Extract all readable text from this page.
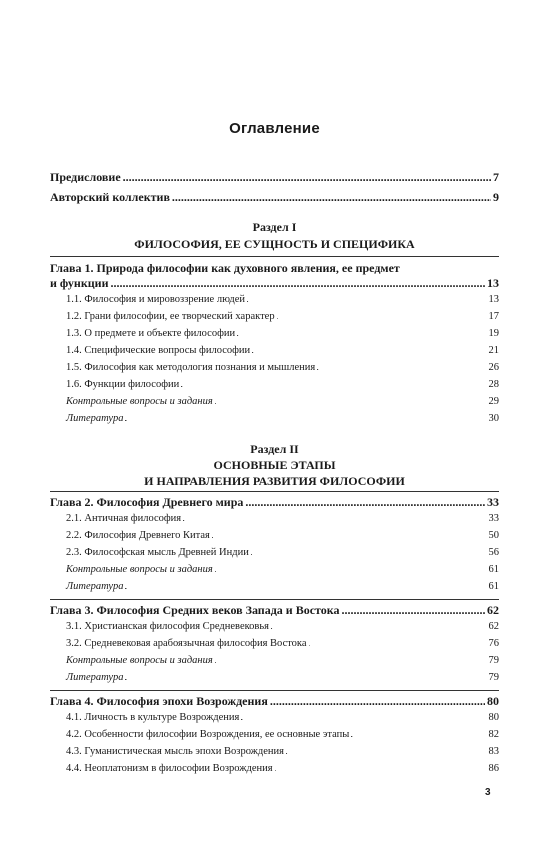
Оглавление
Предисловие . . .	7
Авторский коллектив . . .	9
Раздел I
ФИЛОСОФИЯ, ЕЕ СУЩНОСТЬ И СПЕЦИФИКА
Глава 1. Природа философии как духовного явления, ее предмет
и функции . . .	13
1.1. Философия и мировоззрение людей . . .	13
1.2. Грани философии, ее творческий характер . . .	17
1.3. О предмете и объекте философии . . .	19
1.4. Специфические вопросы философии . . .	21
1.5. Философия как методология познания и мышления . . .	26
1.6. Функции философии . . .	28
Контрольные вопросы и задания . . .	29
Литература . . .	30
Раздел II
ОСНОВНЫЕ ЭТАПЫ
И НАПРАВЛЕНИЯ РАЗВИТИЯ ФИЛОСОФИИ
Глава 2. Философия Древнего мира . . .	33
2.1. Античная философия . . .	33
2.2. Философия Древнего Китая . . .	50
2.3. Философская мысль Древней Индии . . .	56
Контрольные вопросы и задания . . .	61
Литература . . .	61
Глава 3. Философия Средних веков Запада и Востока . . .	62
3.1. Христианская философия Средневековья . . .	62
3.2. Средневековая арабоязычная философия Востока . . .	76
Контрольные вопросы и задания . . .	79
Литература . . .	79
Глава 4. Философия эпохи Возрождения . . .	80
4.1. Личность в культуре Возрождения . . .	80
4.2. Особенности философии Возрождения, ее основные этапы . . .	82
4.3. Гуманистическая мысль эпохи Возрождения . . .	83
4.4. Неоплатонизм в философии Возрождения . . .	86
3
